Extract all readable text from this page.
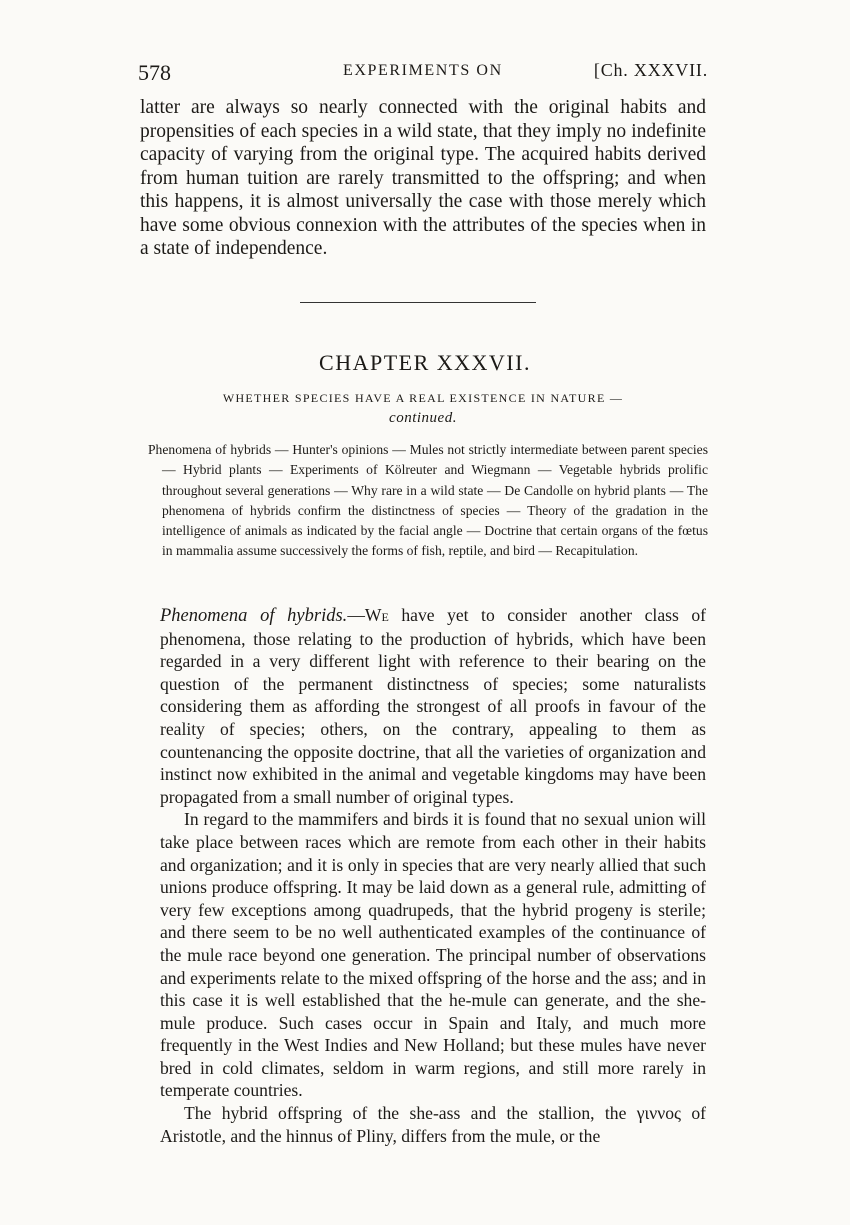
578	EXPERIMENTS ON	[Ch. XXXVII.

latter are always so nearly connected with the original habits and propensities of each species in a wild state, that they imply no indefinite capacity of varying from the original type. The acquired habits derived from human tuition are rarely transmitted to the offspring; and when this happens, it is almost universally the case with those merely which have some obvious connexion with the attributes of the species when in a state of independence.

CHAPTER XXXVII.
WHETHER SPECIES HAVE A REAL EXISTENCE IN NATURE —
continued.

Phenomena of hybrids — Hunter's opinions — Mules not strictly intermediate between parent species — Hybrid plants — Experiments of Kölreuter and Wiegmann — Vegetable hybrids prolific throughout several generations — Why rare in a wild state — De Candolle on hybrid plants — The phenomena of hybrids confirm the distinctness of species — Theory of the gradation in the intelligence of animals as indicated by the facial angle — Doctrine that certain organs of the fœtus in mammalia assume successively the forms of fish, reptile, and bird — Recapitulation.

Phenomena of hybrids.—We have yet to consider another class of phenomena, those relating to the production of hybrids, which have been regarded in a very different light with reference to their bearing on the question of the permanent distinctness of species; some naturalists considering them as affording the strongest of all proofs in favour of the reality of species; others, on the contrary, appealing to them as countenancing the opposite doctrine, that all the varieties of organization and instinct now exhibited in the animal and vegetable kingdoms may have been propagated from a small number of original types.

In regard to the mammifers and birds it is found that no sexual union will take place between races which are remote from each other in their habits and organization; and it is only in species that are very nearly allied that such unions produce offspring. It may be laid down as a general rule, admitting of very few exceptions among quadrupeds, that the hybrid progeny is sterile; and there seem to be no well authenticated examples of the continuance of the mule race beyond one generation. The principal number of observations and experiments relate to the mixed offspring of the horse and the ass; and in this case it is well established that the he-mule can generate, and the she-mule produce. Such cases occur in Spain and Italy, and much more frequently in the West Indies and New Holland; but these mules have never bred in cold climates, seldom in warm regions, and still more rarely in temperate countries.

The hybrid offspring of the she-ass and the stallion, the γιννος of Aristotle, and the hinnus of Pliny, differs from the mule, or the
